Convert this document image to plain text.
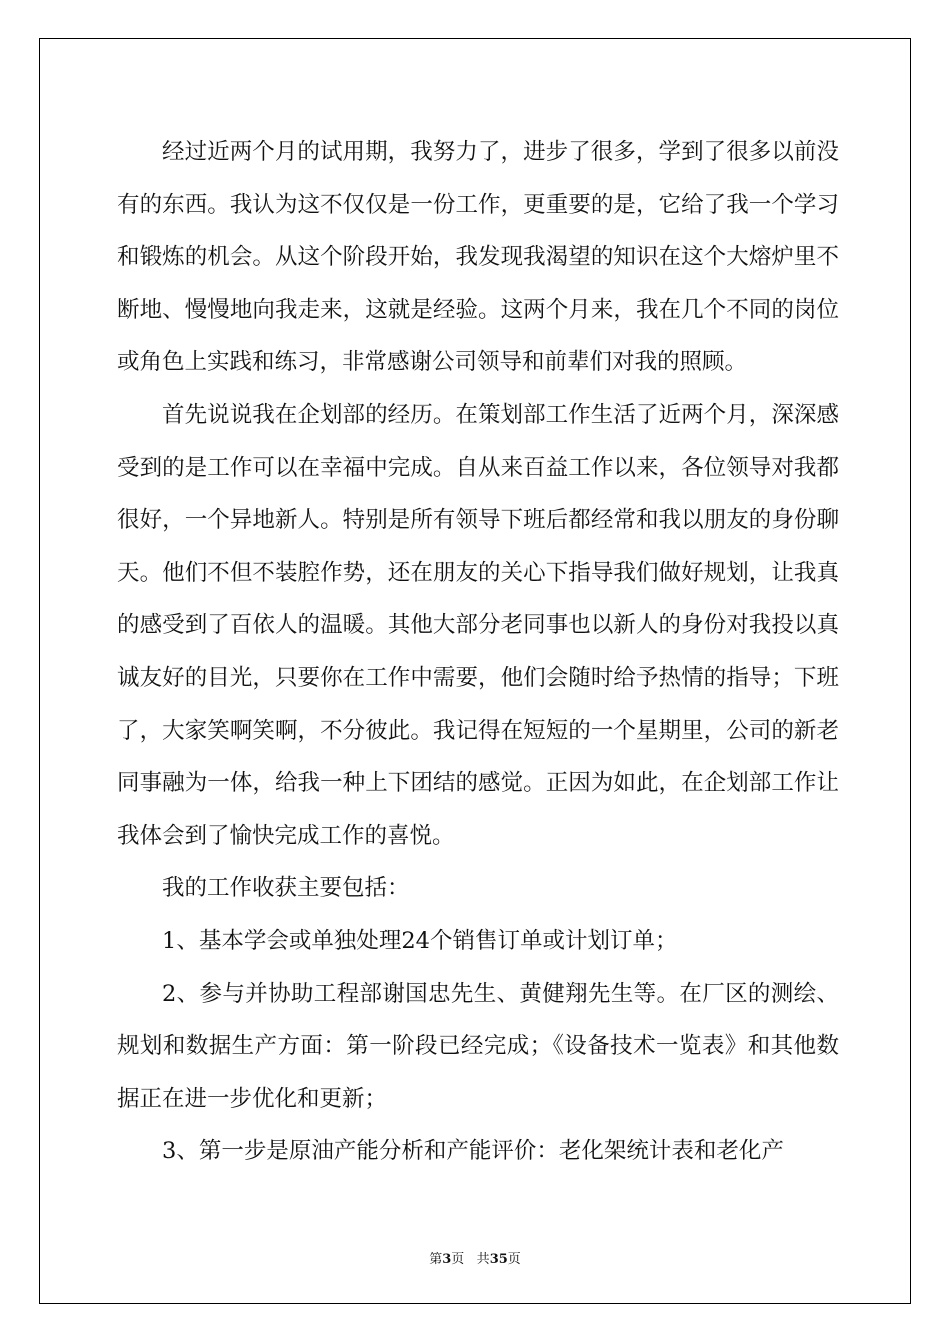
经过近两个月的试用期，我努力了，进步了很多，学到了很多以前没有的东西。我认为这不仅仅是一份工作，更重要的是，它给了我一个学习和锻炼的机会。从这个阶段开始，我发现我渴望的知识在这个大熔炉里不断地、慢慢地向我走来，这就是经验。这两个月来，我在几个不同的岗位或角色上实践和练习，非常感谢公司领导和前辈们对我的照顾。

首先说说我在企划部的经历。在策划部工作生活了近两个月，深深感受到的是工作可以在幸福中完成。自从来百益工作以来，各位领导对我都很好，一个异地新人。特别是所有领导下班后都经常和我以朋友的身份聊天。他们不但不装腔作势，还在朋友的关心下指导我们做好规划，让我真的感受到了百依人的温暖。其他大部分老同事也以新人的身份对我投以真诚友好的目光，只要你在工作中需要，他们会随时给予热情的指导；下班了，大家笑啊笑啊，不分彼此。我记得在短短的一个星期里，公司的新老同事融为一体，给我一种上下团结的感觉。正因为如此，在企划部工作让我体会到了愉快完成工作的喜悦。

我的工作收获主要包括：

1、基本学会或单独处理24个销售订单或计划订单；

2、参与并协助工程部谢国忠先生、黄健翔先生等。在厂区的测绘、规划和数据生产方面：第一阶段已经完成；《设备技术一览表》和其他数据正在进一步优化和更新；

3、第一步是原油产能分析和产能评价：老化架统计表和老化产

第3页 共35页
